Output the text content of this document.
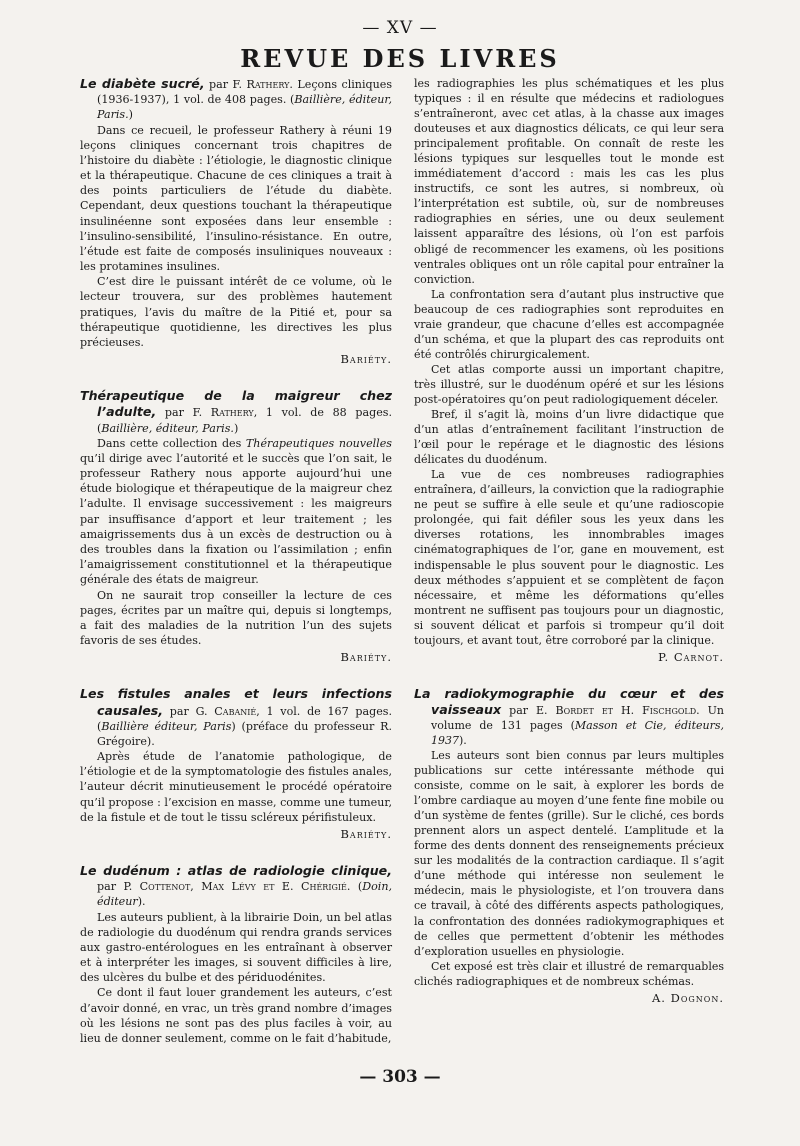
— XV —
REVUE DES LIVRES

Le diabète sucré, par F. Rathery. Leçons cliniques (1936-1937), 1 vol. de 408 pages. (Baillière, éditeur, Paris.)

Dans ce recueil, le professeur Rathery à réuni 19 leçons cliniques concernant trois chapitres de l’histoire du diabète : l’étiologie, le diagnostic clinique et la thérapeutique. Chacune de ces cliniques a trait à des points particuliers de l’étude du diabète. Cependant, deux questions touchant la thérapeutique insulinéenne sont exposées dans leur ensemble : l’insulino-sensibilité, l’insulino-résistance. En outre, l’étude est faite de composés insuliniques nouveaux : les protamines insulines.

C’est dire le puissant intérêt de ce volume, où le lecteur trouvera, sur des problèmes hautement pratiques, l’avis du maître de la Pitié et, pour sa thérapeutique quotidienne, les directives les plus précieuses.

Bariéty.

Thérapeutique de la maigreur chez l’adulte, par F. Rathery, 1 vol. de 88 pages. (Baillière, éditeur, Paris.)

Dans cette collection des Thérapeutiques nouvelles qu’il dirige avec l’autorité et le succès que l’on sait, le professeur Rathery nous apporte aujourd’hui une étude biologique et thérapeutique de la maigreur chez l’adulte. Il envisage successivement : les maigreurs par insuffisance d’apport et leur traitement ; les amaigrissements dus à un excès de destruction ou à des troubles dans la fixation ou l’assimilation ; enfin l’amaigrissement constitutionnel et la thérapeutique générale des états de maigreur.

On ne saurait trop conseiller la lecture de ces pages, écrites par un maître qui, depuis si longtemps, a fait des maladies de la nutrition l’un des sujets favoris de ses études.

Bariéty.

Les fistules anales et leurs infections causales, par G. Cabanié, 1 vol. de 167 pages. (Baillière éditeur, Paris) (préface du professeur R. Grégoire).

Après étude de l’anatomie pathologique, de l’étiologie et de la symptomatologie des fistules anales, l’auteur décrit minutieusement le procédé opératoire qu’il propose : l’excision en masse, comme une tumeur, de la fistule et de tout le tissu scléreux périfistuleux.

Bariéty.

Le dudénum : atlas de radiologie clinique, par P. Cottenot, Max Lévy et E. Chérigié. (Doin, éditeur).

Les auteurs publient, à la librairie Doin, un bel atlas de radiologie du duodénum qui rendra grands services aux gastro-entérologues en les entraînant à observer et à interpréter les images, si souvent difficiles à lire, des ulcères du bulbe et des périduodénites.

Ce dont il faut louer grandement les auteurs, c’est d’avoir donné, en vrac, un très grand nombre d’images où les lésions ne sont pas des plus faciles à voir, au lieu de donner seulement, comme on le fait d’habitude,

les radiographies les plus schématiques et les plus typiques : il en résulte que médecins et radiologues s’entraîneront, avec cet atlas, à la chasse aux images douteuses et aux diagnostics délicats, ce qui leur sera principalement profitable. On connaît de reste les lésions typiques sur lesquelles tout le monde est immédiatement d’accord : mais les cas les plus instructifs, ce sont les autres, si nombreux, où l’interprétation est subtile, où, sur de nombreuses radiographies en séries, une ou deux seulement laissent apparaître des lésions, où l’on est parfois obligé de recommencer les examens, où les positions ventrales obliques ont un rôle capital pour entraîner la conviction.

La confrontation sera d’autant plus instructive que beaucoup de ces radiographies sont reproduites en vraie grandeur, que chacune d’elles est accompagnée d’un schéma, et que la plupart des cas reproduits ont été contrôlés chirurgicalement.

Cet atlas comporte aussi un important chapitre, très illustré, sur le duodénum opéré et sur les lésions post-opératoires qu’on peut radiologiquement déceler.

Bref, il s’agit là, moins d’un livre didactique que d’un atlas d’entraînement facilitant l’instruction de l’œil pour le repérage et le diagnostic des lésions délicates du duodénum.

La vue de ces nombreuses radiographies entraînera, d’ailleurs, la conviction que la radiographie ne peut se suffire à elle seule et qu’une radioscopie prolongée, qui fait défiler sous les yeux dans les diverses rotations, les innombrables images cinématographiques de l’or, gane en mouvement, est indispensable le plus souvent pour le diagnostic. Les deux méthodes s’appuient et se complètent de façon nécessaire, et même les déformations qu’elles montrent ne suffisent pas toujours pour un diagnostic, si souvent délicat et parfois si trompeur qu’il doit toujours, et avant tout, être corroboré par la clinique.

P. Carnot.

La radiokymographie du cœur et des vaisseaux par E. Bordet et H. Fischgold. Un volume de 131 pages (Masson et Cie, éditeurs, 1937).

Les auteurs sont bien connus par leurs multiples publications sur cette intéressante méthode qui consiste, comme on le sait, à explorer les bords de l’ombre cardiaque au moyen d’une fente fine mobile ou d’un système de fentes (grille). Sur le cliché, ces bords prennent alors un aspect dentelé. L’amplitude et la forme des dents donnent des renseignements précieux sur les modalités de la contraction cardiaque. Il s’agit d’une méthode qui intéresse non seulement le médecin, mais le physiologiste, et l’on trouvera dans ce travail, à côté des différents aspects pathologiques, la confrontation des données radiokymographiques et de celles que permettent d’obtenir les méthodes d’exploration usuelles en physiologie.

Cet exposé est très clair et illustré de remarquables clichés radiographiques et de nombreux schémas.

A. Dognon.

— 303 —
